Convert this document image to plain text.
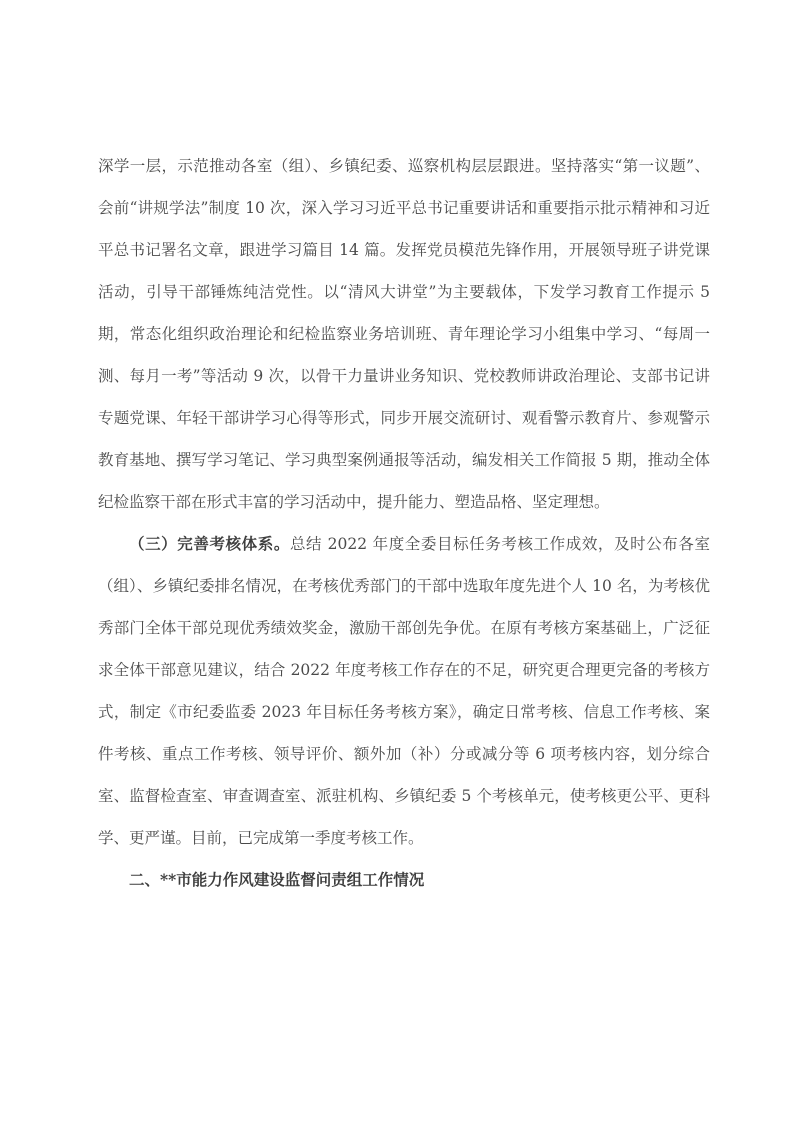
深学一层，示范推动各室（组）、乡镇纪委、巡察机构层层跟进。坚持落实“第一议题”、会前“讲规学法”制度 10 次，深入学习习近平总书记重要讲话和重要指示批示精神和习近平总书记署名文章，跟进学习篇目 14 篇。发挥党员模范先锋作用，开展领导班子讲党课活动，引导干部锤炼纯洁党性。以“清风大讲堂”为主要载体，下发学习教育工作提示 5 期，常态化组织政治理论和纪检监察业务培训班、青年理论学习小组集中学习、“每周一测、每月一考”等活动 9 次，以骨干力量讲业务知识、党校教师讲政治理论、支部书记讲专题党课、年轻干部讲学习心得等形式，同步开展交流研讨、观看警示教育片、参观警示教育基地、撰写学习笔记、学习典型案例通报等活动，编发相关工作简报 5 期，推动全体纪检监察干部在形式丰富的学习活动中，提升能力、塑造品格、坚定理想。

（三）完善考核体系。总结 2022 年度全委目标任务考核工作成效，及时公布各室（组）、乡镇纪委排名情况，在考核优秀部门的干部中选取年度先进个人 10 名，为考核优秀部门全体干部兑现优秀绩效奖金，激励干部创先争优。在原有考核方案基础上，广泛征求全体干部意见建议，结合 2022 年度考核工作存在的不足，研究更合理更完备的考核方式，制定《市纪委监委 2023 年目标任务考核方案》，确定日常考核、信息工作考核、案件考核、重点工作考核、领导评价、额外加（补）分或减分等 6 项考核内容，划分综合室、监督检查室、审查调查室、派驻机构、乡镇纪委 5 个考核单元，使考核更公平、更科学、更严谨。目前，已完成第一季度考核工作。

二、**市能力作风建设监督问责组工作情况
